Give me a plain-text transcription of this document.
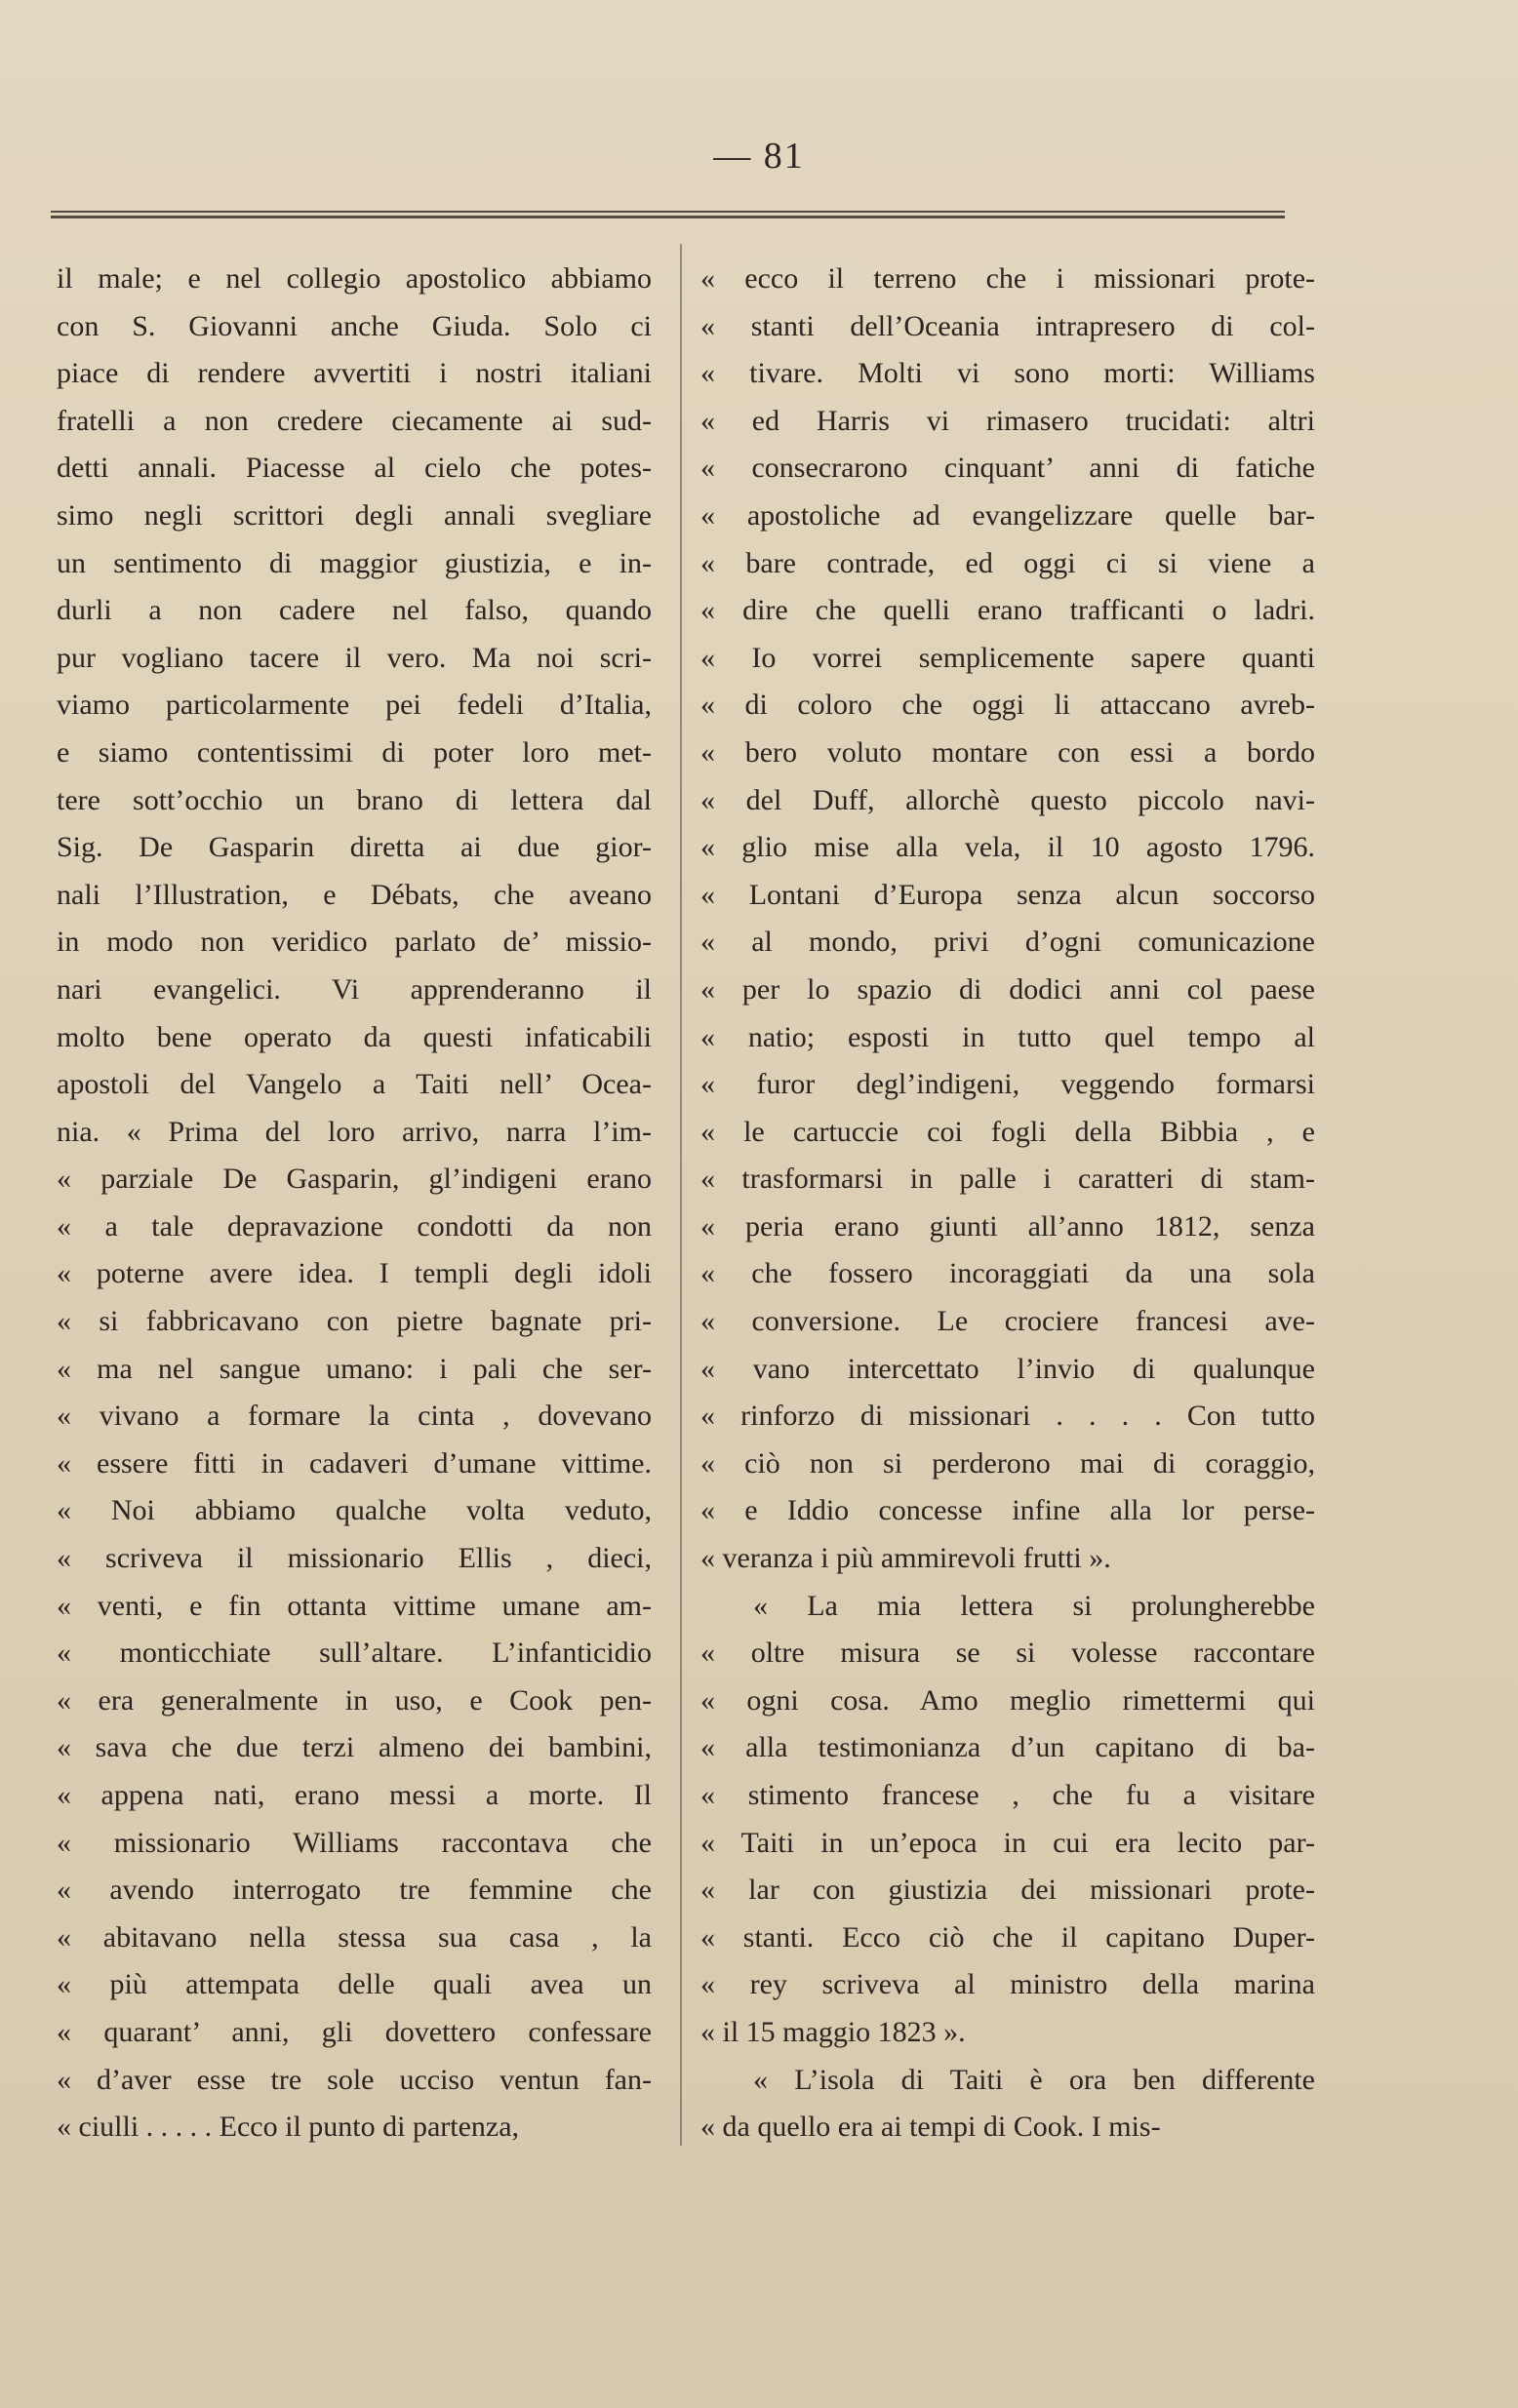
— 81
il male; e nel collegio apostolico abbiamo
con S. Giovanni anche Giuda. Solo ci
piace di rendere avvertiti i nostri italiani
fratelli a non credere ciecamente ai sud-
detti annali. Piacesse al cielo che potes-
simo negli scrittori degli annali svegliare
un sentimento di maggior giustizia, e in-
durli a non cadere nel falso, quando
pur vogliano tacere il vero. Ma noi scri-
viamo particolarmente pei fedeli d’Italia,
e siamo contentissimi di poter loro met-
tere sott’occhio un brano di lettera dal
Sig. De Gasparin diretta ai due gior-
nali l’Illustration, e Débats, che aveano
in modo non veridico parlato de’ missio-
nari evangelici. Vi apprenderanno il
molto bene operato da questi infaticabili
apostoli del Vangelo a Taiti nell’ Ocea-
nia. « Prima del loro arrivo, narra l’im-
« parziale De Gasparin, gl’indigeni erano
« a tale depravazione condotti da non
« poterne avere idea. I templi degli idoli
« si fabbricavano con pietre bagnate pri-
« ma nel sangue umano: i pali che ser-
« vivano a formare la cinta , dovevano
« essere fitti in cadaveri d’umane vittime.
« Noi abbiamo qualche volta veduto,
« scriveva il missionario Ellis , dieci,
« venti, e fin ottanta vittime umane am-
« monticchiate sull’altare. L’infanticidio
« era generalmente in uso, e Cook pen-
« sava che due terzi almeno dei bambini,
« appena nati, erano messi a morte. Il
« missionario Williams raccontava che
« avendo interrogato tre femmine che
« abitavano nella stessa sua casa , la
« più attempata delle quali avea un
« quarant’ anni, gli dovettero confessare
« d’aver esse tre sole ucciso ventun fan-
« ciulli . . . . . Ecco il punto di partenza,
« ecco il terreno che i missionari prote-
« stanti dell’Oceania intrapresero di col-
« tivare. Molti vi sono morti: Williams
« ed Harris vi rimasero trucidati: altri
« consecrarono cinquant’ anni di fatiche
« apostoliche ad evangelizzare quelle bar-
« bare contrade, ed oggi ci si viene a
« dire che quelli erano trafficanti o ladri.
« Io vorrei semplicemente sapere quanti
« di coloro che oggi li attaccano avreb-
« bero voluto montare con essi a bordo
« del Duff, allorchè questo piccolo navi-
« glio mise alla vela, il 10 agosto 1796.
« Lontani d’Europa senza alcun soccorso
« al mondo, privi d’ogni comunicazione
« per lo spazio di dodici anni col paese
« natio; esposti in tutto quel tempo al
« furor degl’indigeni, veggendo formarsi
« le cartuccie coi fogli della Bibbia , e
« trasformarsi in palle i caratteri di stam-
« peria erano giunti all’anno 1812, senza
« che fossero incoraggiati da una sola
« conversione. Le crociere francesi ave-
« vano intercettato l’invio di qualunque
« rinforzo di missionari . . . . Con tutto
« ciò non si perderono mai di coraggio,
« e Iddio concesse infine alla lor perse-
« veranza i più ammirevoli frutti ».
« La mia lettera si prolungherebbe
« oltre misura se si volesse raccontare
« ogni cosa. Amo meglio rimettermi qui
« alla testimonianza d’un capitano di ba-
« stimento francese , che fu a visitare
« Taiti in un’epoca in cui era lecito par-
« lar con giustizia dei missionari prote-
« stanti. Ecco ciò che il capitano Duper-
« rey scriveva al ministro della marina
« il 15 maggio 1823 ».
« L’isola di Taiti è ora ben differente
« da quello era ai tempi di Cook. I mis-
